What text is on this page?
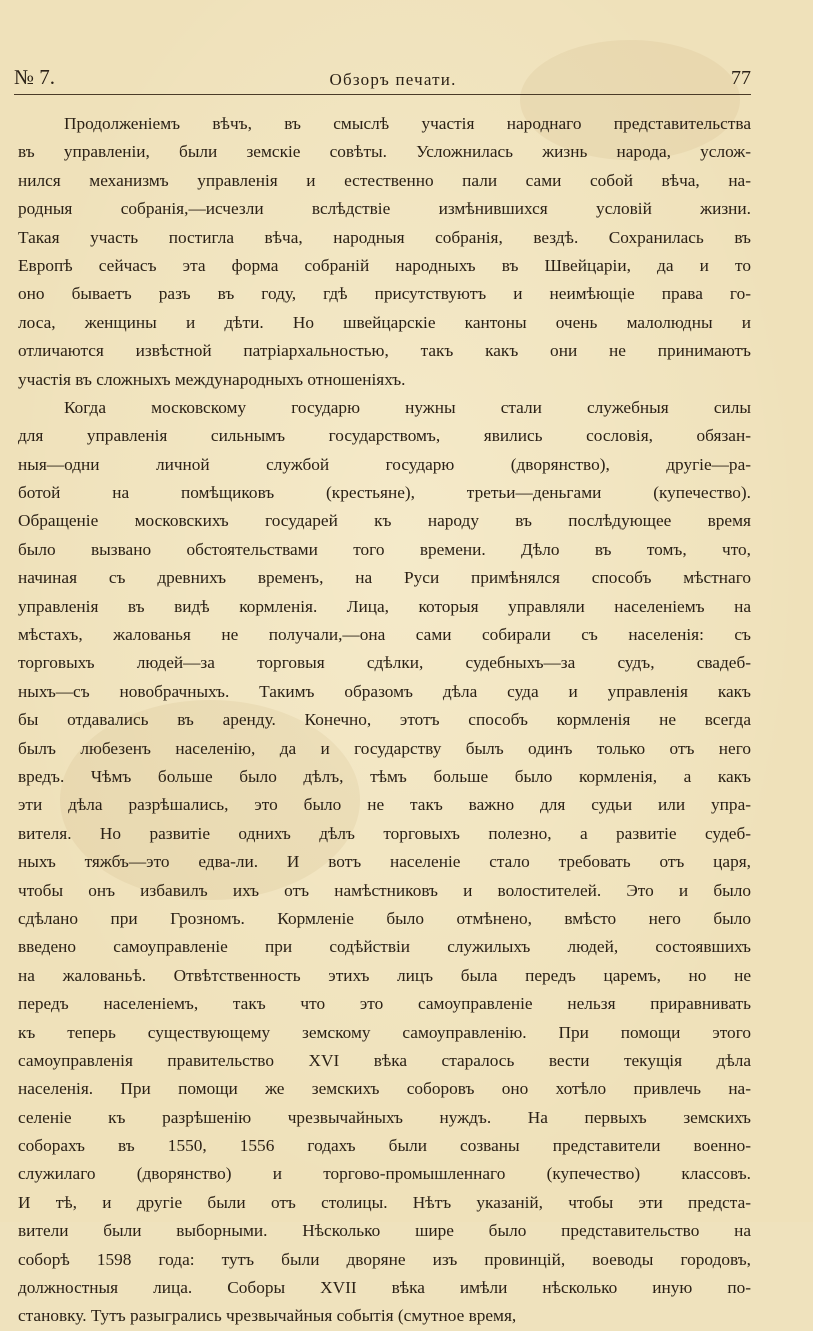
№ 7.	Обзоръ печати.	77
Продолженіемъ вѣчъ, въ смыслѣ участія народнаго представительства
въ управленіи, были земскіе совѣты. Усложнилась жизнь народа, услож-
нился механизмъ управленія и естественно пали сами собой вѣча, на-
родныя собранія,—исчезли вслѣдствіе измѣнившихся условій жизни.
Такая участь постигла вѣча, народныя собранія, вездѣ. Сохранилась въ
Европѣ сейчасъ эта форма собраній народныхъ въ Швейцаріи, да и то
оно бываетъ разъ въ году, гдѣ присутствуютъ и неимѣющіе права го-
лоса, женщины и дѣти. Но швейцарскіе кантоны очень малолюдны и
отличаются извѣстной патріархальностью, такъ какъ они не принимаютъ
участія въ сложныхъ международныхъ отношеніяхъ.
Когда московскому государю нужны стали служебныя силы
для управленія сильнымъ государствомъ, явились сословія, обязан-
ныя—одни личной службой государю (дворянство), другіе—ра-
ботой на помѣщиковъ (крестьяне), третьи—деньгами (купечество).
Обращеніе московскихъ государей къ народу въ послѣдующее время
было вызвано обстоятельствами того времени. Дѣло въ томъ, что,
начиная съ древнихъ временъ, на Руси примѣнялся способъ мѣстнаго
управленія въ видѣ кормленія. Лица, которыя управляли населеніемъ на
мѣстахъ, жалованья не получали,—она сами собирали съ населенія: съ
торговыхъ людей—за торговыя сдѣлки, судебныхъ—за судъ, свадеб-
ныхъ—съ новобрачныхъ. Такимъ образомъ дѣла суда и управленія какъ
бы отдавались въ аренду. Конечно, этотъ способъ кормленія не всегда
былъ любезенъ населенію, да и государству былъ одинъ только отъ него
вредъ. Чѣмъ больше было дѣлъ, тѣмъ больше было кормленія, а какъ
эти дѣла разрѣшались, это было не такъ важно для судьи или упра-
вителя. Но развитіе однихъ дѣлъ торговыхъ полезно, а развитіе судеб-
ныхъ тяжбъ—это едва-ли. И вотъ населеніе стало требовать отъ царя,
чтобы онъ избавилъ ихъ отъ намѣстниковъ и волостителей. Это и было
сдѣлано при Грозномъ. Кормленіе было отмѣнено, вмѣсто него было
введено самоуправленіе при содѣйствіи служилыхъ людей, состоявшихъ
на жалованьѣ. Отвѣтственность этихъ лицъ была передъ царемъ, но не
передъ населеніемъ, такъ что это самоуправленіе нельзя приравнивать
къ теперь существующему земскому самоуправленію. При помощи этого
самоуправленія правительство XVI вѣка старалось вести текущія дѣла
населенія. При помощи же земскихъ соборовъ оно хотѣло привлечь на-
селеніе къ разрѣшенію чрезвычайныхъ нуждъ. На первыхъ земскихъ
соборахъ въ 1550, 1556 годахъ были созваны представители военно-
служилаго (дворянство) и торгово-промышленнаго (купечество) классовъ.
И тѣ, и другіе были отъ столицы. Нѣтъ указаній, чтобы эти предста-
вители были выборными. Нѣсколько шире было представительство на
соборѣ 1598 года: тутъ были дворяне изъ провинцій, воеводы городовъ,
должностныя лица. Соборы XVII вѣка имѣли нѣсколько иную по-
становку. Тутъ разыгрались чрезвычайныя событія (смутное время,
